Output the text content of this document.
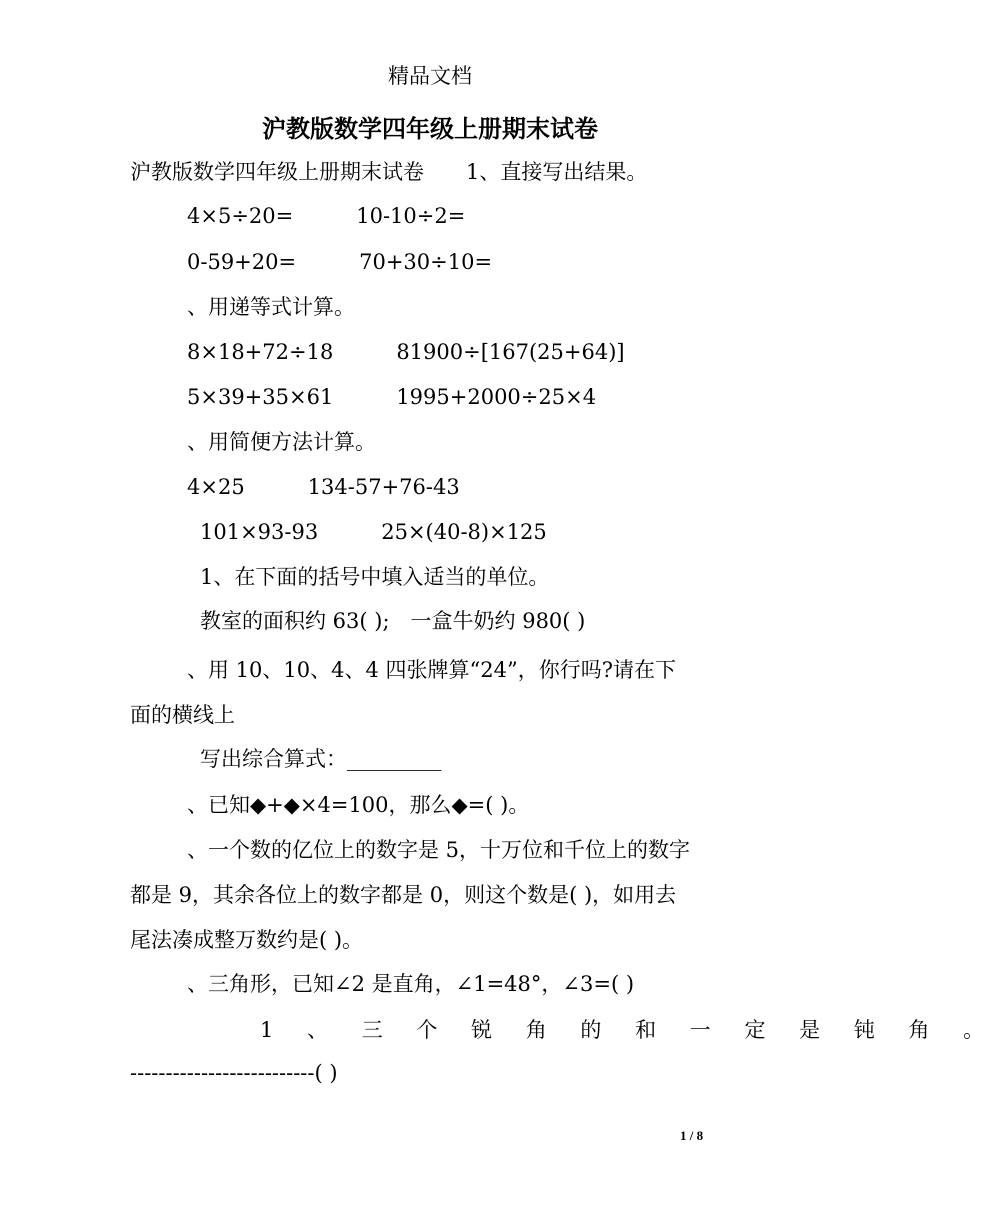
精品文档
沪教版数学四年级上册期末试卷
沪教版数学四年级上册期末试卷　　1、直接写出结果。
4×5÷20=　　　10-10÷2=
0-59+20=　　　70+30÷10=
、用递等式计算。
8×18+72÷18　　　81900÷[167(25+64)]
5×39+35×61　　　1995+2000÷25×4
、用简便方法计算。
4×25　　　134-57+76-43
101×93-93　　　25×(40-8)×125
1、在下面的括号中填入适当的单位。
教室的面积约 63( );　一盒牛奶约 980( )
、用 10、10、4、4 四张牌算“24”，你行吗?请在下
面的横线上
写出综合算式：_________
、已知◆+◆×4=100，那么◆=( )。
、一个数的亿位上的数字是 5，十万位和千位上的数字
都是 9，其余各位上的数字都是 0，则这个数是( )，如用去
尾法凑成整万数约是( )。
、三角形，已知∠2 是直角，∠1=48°，∠3=( )
1 、 三 个 锐 角 的 和 一 定 是 钝 角 。
--------------------------( )
1 / 8
